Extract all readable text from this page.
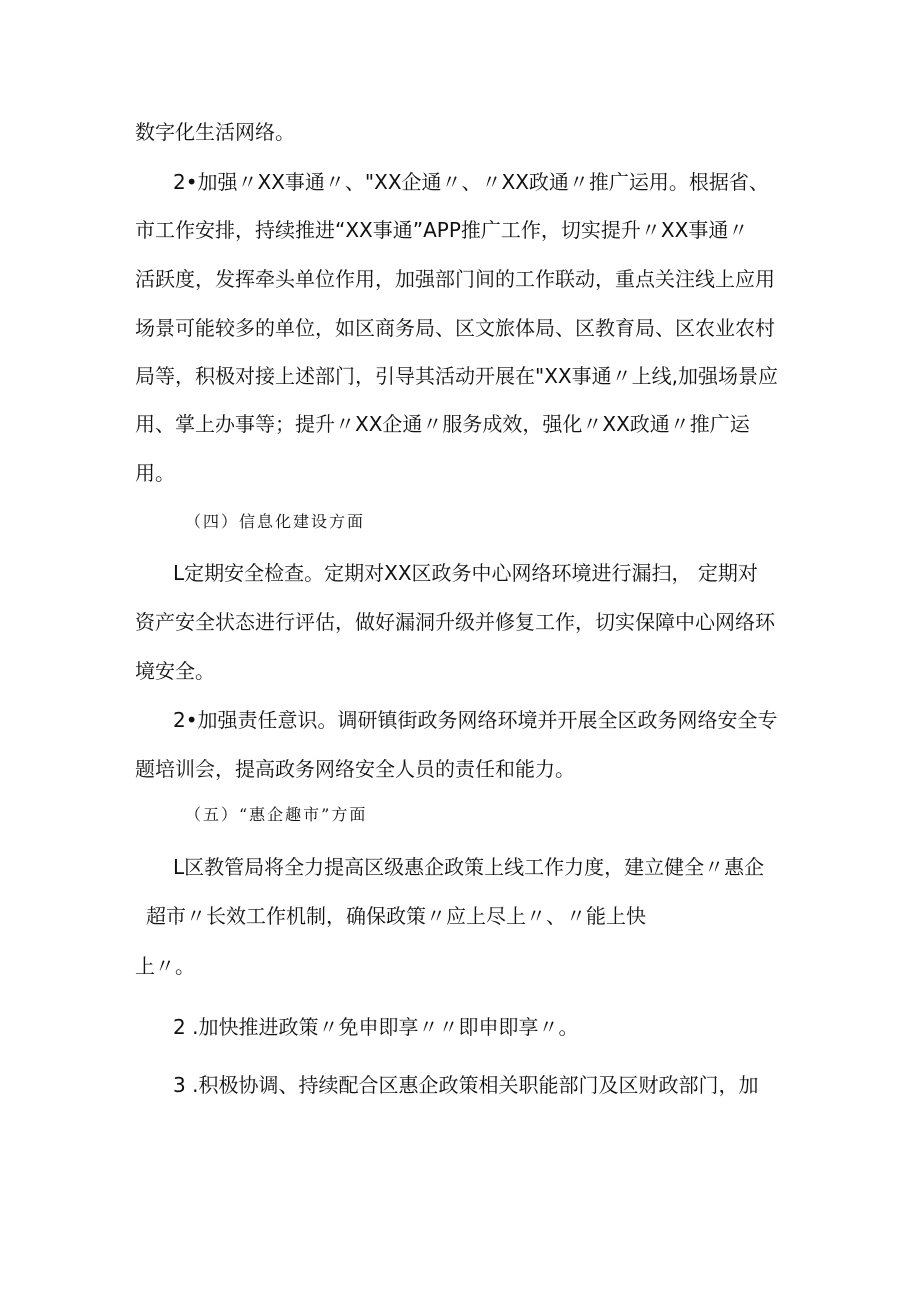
数字化生活网络。
2•加强〃XX事通〃、"XX企通〃、〃XX政通〃推广运用。根据省、
市工作安排，持续推进“XX事通”APP推广工作，切实提升〃XX事通〃
活跃度，发挥牵头单位作用，加强部门间的工作联动，重点关注线上应用
场景可能较多的单位，如区商务局、区文旅体局、区教育局、区农业农村
局等，积极对接上述部门，引导其活动开展在"XX事通〃上线,加强场景应
用、掌上办事等；提升〃XX企通〃服务成效，强化〃XX政通〃推广运
用。
（四）信息化建设方面
L定期安全检查。定期对XX区政务中心网络环境进行漏扫， 定期对
资产安全状态进行评估，做好漏洞升级并修复工作，切实保障中心网络环
境安全。
2•加强责任意识。调研镇街政务网络环境并开展全区政务网络安全专
题培训会，提高政务网络安全人员的责任和能力。
（五）“惠企趣市”方面
L区教管局将全力提高区级惠企政策上线工作力度，建立健全〃惠企
超市〃长效工作机制，确保政策〃应上尽上〃、〃能上快
上〃。
2 .加快推进政策〃免申即享〃〃即申即享〃。
3 .积极协调、持续配合区惠企政策相关职能部门及区财政部门，加
